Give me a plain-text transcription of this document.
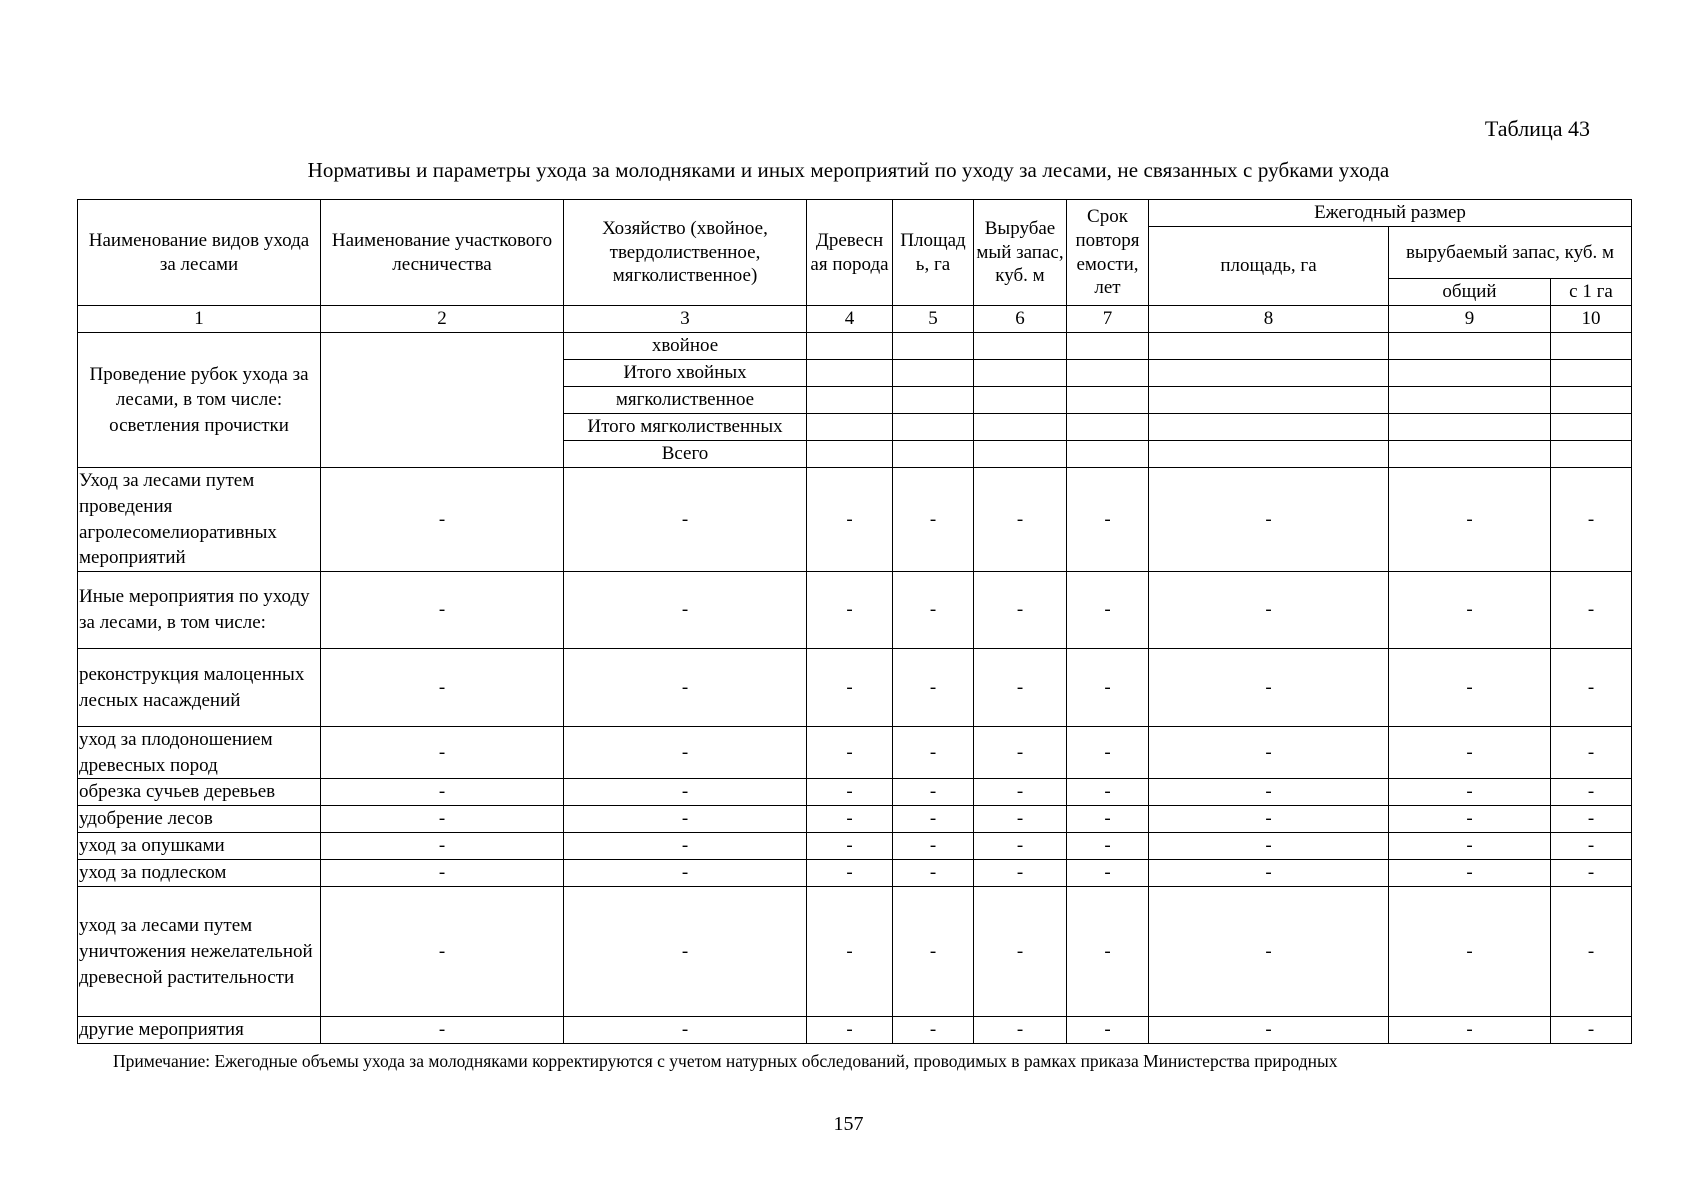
Таблица 43
Нормативы и параметры ухода за молодняками и иных мероприятий по уходу за лесами, не связанных с рубками ухода
Наименование видов ухода за лесами	Наименование участкового лесничества	Хозяйство (хвойное, твердолиственное, мягколиственное)	Древесн ая порода	Площад ь, га	Вырубае мый запас, куб. м	Срок повторя емости, лет	Ежегодный размер		
							площадь, га	вырубаемый запас, куб. м	
								общий	с 1 га
1	2	3	4	5	6	7	8	9	10
Проведение рубок ухода за лесами, в том числе: осветления прочистки		хвойное							
		Итого хвойных							
		мягколиственное							
		Итого мягколиственных							
		Всего							
Уход за лесами путем проведения агролесомелиоративных мероприятий	-	-	-	-	-	-	-	-	-
Иные мероприятия по уходу за лесами, в том числе:	-	-	-	-	-	-	-	-	-
реконструкция малоценных лесных насаждений	-	-	-	-	-	-	-	-	-
уход за плодоношением древесных пород	-	-	-	-	-	-	-	-	-
обрезка сучьев деревьев	-	-	-	-	-	-	-	-	-
удобрение лесов	-	-	-	-	-	-	-	-	-
уход за опушками	-	-	-	-	-	-	-	-	-
уход за подлеском	-	-	-	-	-	-	-	-	-
уход за лесами путем уничтожения нежелательной древесной растительности	-	-	-	-	-	-	-	-	-
другие мероприятия	-	-	-	-	-	-	-	-	-
Примечание: Ежегодные объемы ухода за молодняками корректируются с учетом натурных обследований, проводимых в рамках приказа Министерства природных
157
